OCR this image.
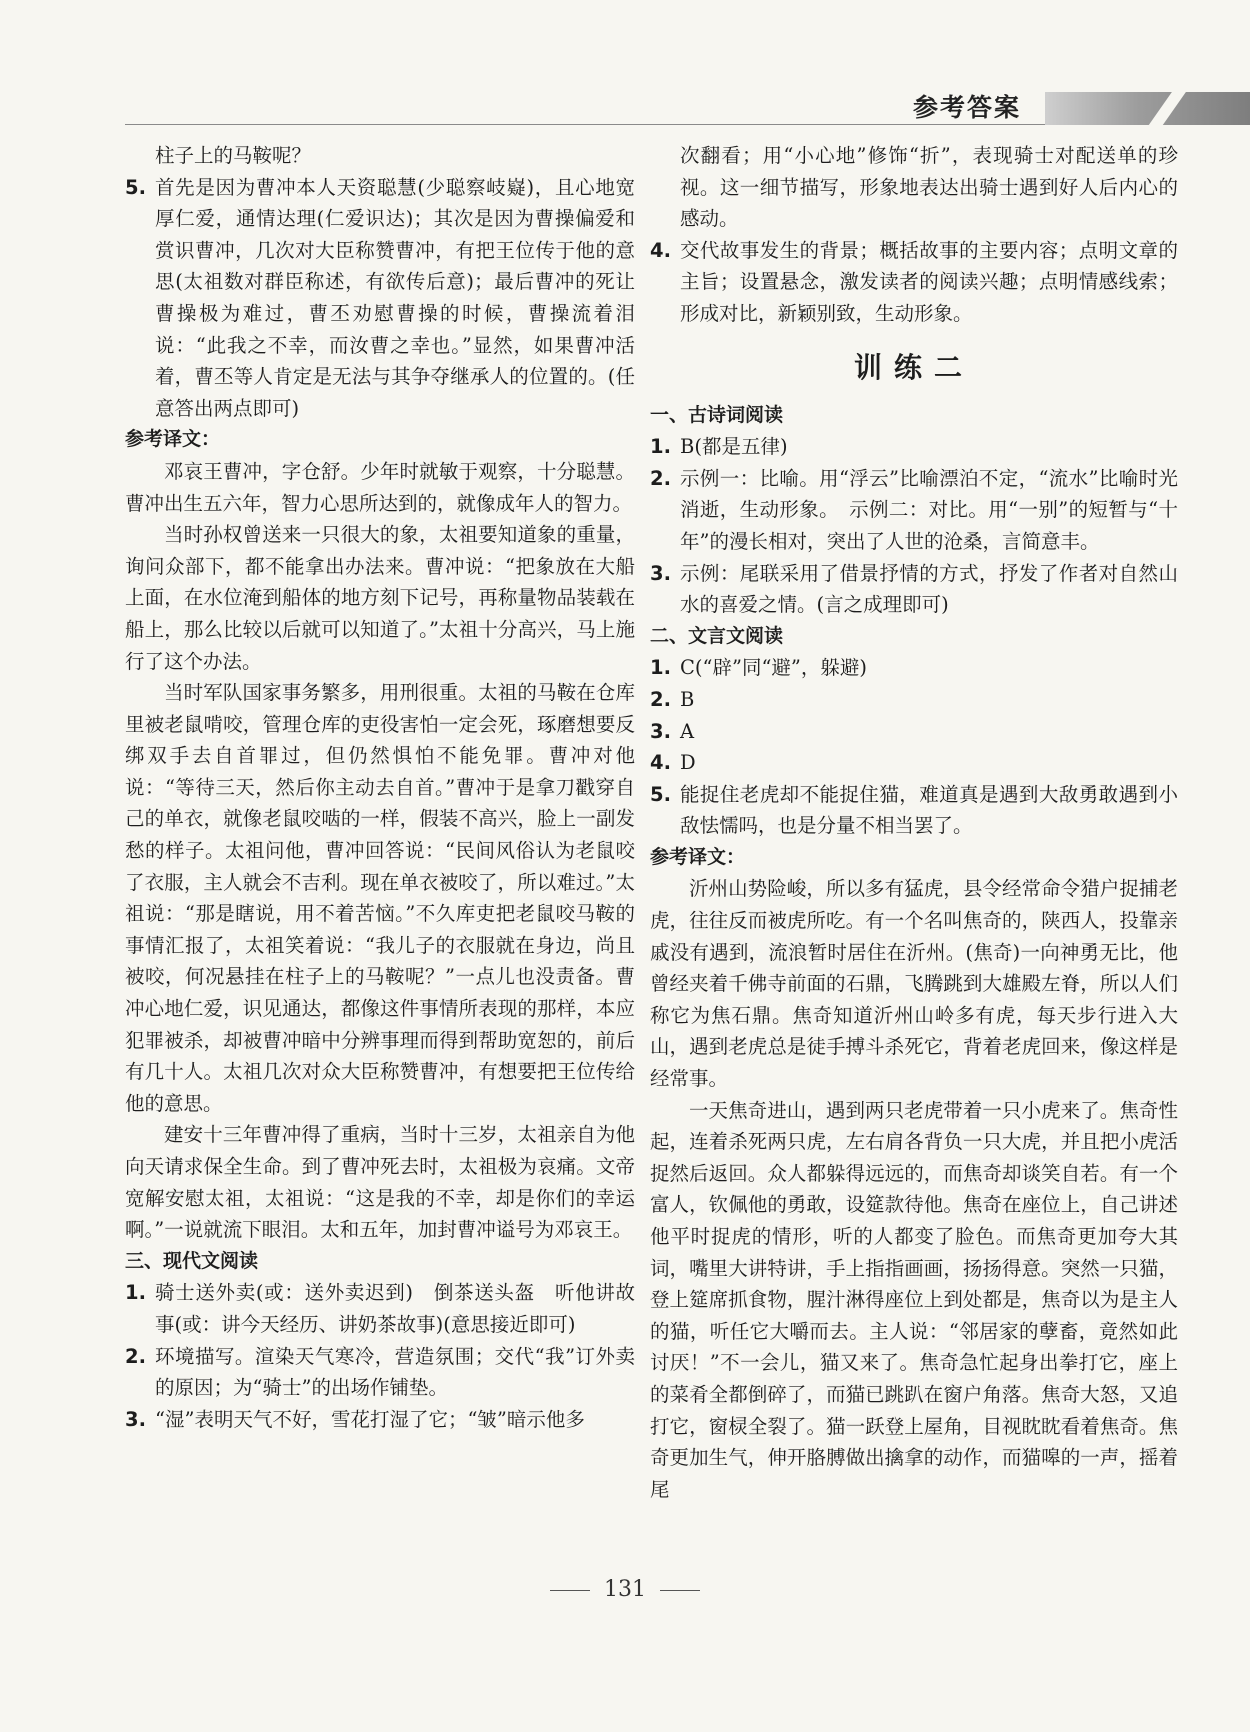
参考答案

柱子上的马鞍呢？

5. 首先是因为曹冲本人天资聪慧(少聪察岐嶷)，且心地宽厚仁爱，通情达理(仁爱识达)；其次是因为曹操偏爱和赏识曹冲，几次对大臣称赞曹冲，有把王位传于他的意思(太祖数对群臣称述，有欲传后意)；最后曹冲的死让曹操极为难过，曹丕劝慰曹操的时候，曹操流着泪说：“此我之不幸，而汝曹之幸也。”显然，如果曹冲活着，曹丕等人肯定是无法与其争夺继承人的位置的。(任意答出两点即可)

参考译文：

邓哀王曹冲，字仓舒。少年时就敏于观察，十分聪慧。曹冲出生五六年，智力心思所达到的，就像成年人的智力。

当时孙权曾送来一只很大的象，太祖要知道象的重量，询问众部下，都不能拿出办法来。曹冲说：“把象放在大船上面，在水位淹到船体的地方刻下记号，再称量物品装载在船上，那么比较以后就可以知道了。”太祖十分高兴，马上施行了这个办法。

当时军队国家事务繁多，用刑很重。太祖的马鞍在仓库里被老鼠啃咬，管理仓库的吏役害怕一定会死，琢磨想要反绑双手去自首罪过，但仍然惧怕不能免罪。曹冲对他说：“等待三天，然后你主动去自首。”曹冲于是拿刀戳穿自己的单衣，就像老鼠咬啮的一样，假装不高兴，脸上一副发愁的样子。太祖问他，曹冲回答说：“民间风俗认为老鼠咬了衣服，主人就会不吉利。现在单衣被咬了，所以难过。”太祖说：“那是瞎说，用不着苦恼。”不久库吏把老鼠咬马鞍的事情汇报了，太祖笑着说：“我儿子的衣服就在身边，尚且被咬，何况悬挂在柱子上的马鞍呢？”一点儿也没责备。曹冲心地仁爱，识见通达，都像这件事情所表现的那样，本应犯罪被杀，却被曹冲暗中分辨事理而得到帮助宽恕的，前后有几十人。太祖几次对众大臣称赞曹冲，有想要把王位传给他的意思。

建安十三年曹冲得了重病，当时十三岁，太祖亲自为他向天请求保全生命。到了曹冲死去时，太祖极为哀痛。文帝宽解安慰太祖，太祖说：“这是我的不幸，却是你们的幸运啊。”一说就流下眼泪。太和五年，加封曹冲谥号为邓哀王。

三、现代文阅读

1. 骑士送外卖(或：送外卖迟到)　倒茶送头盔　听他讲故事(或：讲今天经历、讲奶茶故事)(意思接近即可)
2. 环境描写。渲染天气寒冷，营造氛围；交代“我”订外卖的原因；为“骑士”的出场作铺垫。
3. “湿”表明天气不好，雪花打湿了它；“皱”暗示他多

次翻看；用“小心地”修饰“折”，表现骑士对配送单的珍视。这一细节描写，形象地表达出骑士遇到好人后内心的感动。

4. 交代故事发生的背景；概括故事的主要内容；点明文章的主旨；设置悬念，激发读者的阅读兴趣；点明情感线索；形成对比，新颖别致，生动形象。
训练二

一、古诗词阅读

1. B(都是五律)
2. 示例一：比喻。用“浮云”比喻漂泊不定，“流水”比喻时光消逝，生动形象。　示例二：对比。用“一别”的短暂与“十年”的漫长相对，突出了人世的沧桑，言简意丰。
3. 示例：尾联采用了借景抒情的方式，抒发了作者对自然山水的喜爱之情。(言之成理即可)

二、文言文阅读

1. C(“辟”同“避”，躲避)
2. B
3. A
4. D
5. 能捉住老虎却不能捉住猫，难道真是遇到大敌勇敢遇到小敌怯懦吗，也是分量不相当罢了。

参考译文：

沂州山势险峻，所以多有猛虎，县令经常命令猎户捉捕老虎，往往反而被虎所吃。有一个名叫焦奇的，陕西人，投靠亲戚没有遇到，流浪暂时居住在沂州。(焦奇)一向神勇无比，他曾经夹着千佛寺前面的石鼎，飞腾跳到大雄殿左脊，所以人们称它为焦石鼎。焦奇知道沂州山岭多有虎，每天步行进入大山，遇到老虎总是徒手搏斗杀死它，背着老虎回来，像这样是经常事。

一天焦奇进山，遇到两只老虎带着一只小虎来了。焦奇性起，连着杀死两只虎，左右肩各背负一只大虎，并且把小虎活捉然后返回。众人都躲得远远的，而焦奇却谈笑自若。有一个富人，钦佩他的勇敢，设筵款待他。焦奇在座位上，自己讲述他平时捉虎的情形，听的人都变了脸色。而焦奇更加夸大其词，嘴里大讲特讲，手上指指画画，扬扬得意。突然一只猫，登上筵席抓食物，腥汁淋得座位上到处都是，焦奇以为是主人的猫，听任它大嚼而去。主人说：“邻居家的孽畜，竟然如此讨厌！”不一会儿，猫又来了。焦奇急忙起身出拳打它，座上的菜肴全都倒碎了，而猫已跳趴在窗户角落。焦奇大怒，又追打它，窗棂全裂了。猫一跃登上屋角，目视眈眈看着焦奇。焦奇更加生气，伸开胳膊做出擒拿的动作，而猫嗥的一声，摇着尾

131
